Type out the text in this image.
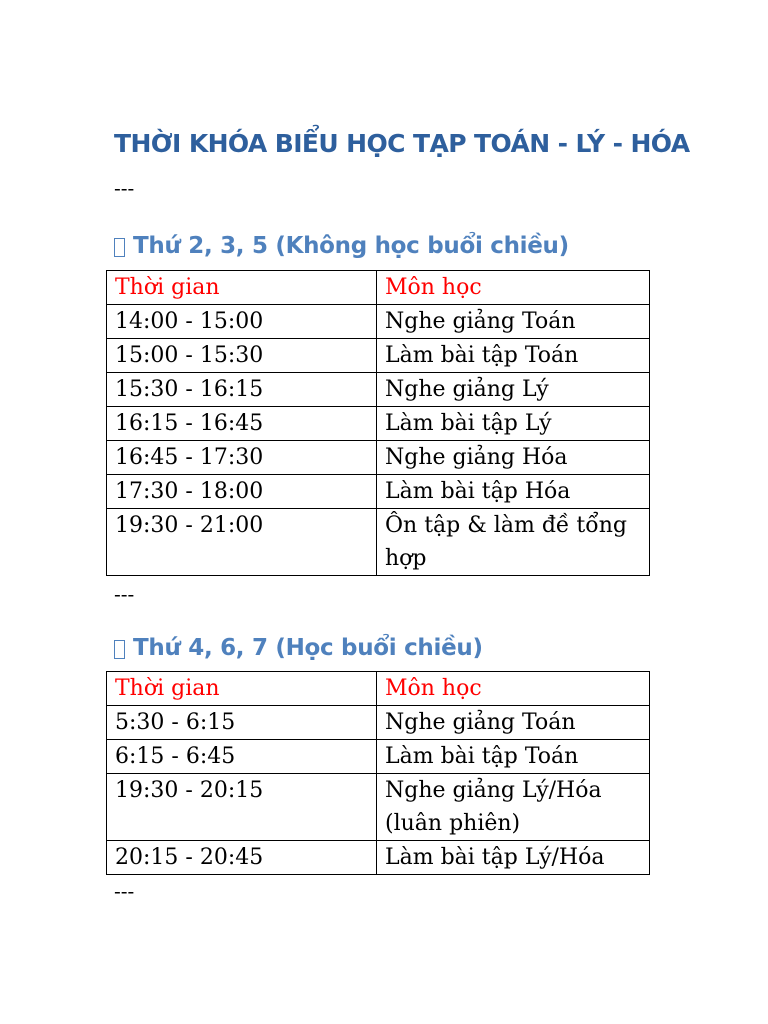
THỜI KHÓA BIỂU HỌC TẠP TOÁN - LÝ - HÓA

---

Thứ 2, 3, 5 (Không học buổi chiều)
Thời gian	Môn học
14:00 - 15:00	Nghe giảng Toán
15:00 - 15:30	Làm bài tập Toán
15:30 - 16:15	Nghe giảng Lý
16:15 - 16:45	Làm bài tập Lý
16:45 - 17:30	Nghe giảng Hóa
17:30 - 18:00	Làm bài tập Hóa
19:30 - 21:00	Ôn tập & làm đề tổng hợp

---

Thứ 4, 6, 7 (Học buổi chiều)
Thời gian	Môn học
5:30 - 6:15	Nghe giảng Toán
6:15 - 6:45	Làm bài tập Toán
19:30 - 20:15	Nghe giảng Lý/Hóa (luân phiên)
20:15 - 20:45	Làm bài tập Lý/Hóa

---
